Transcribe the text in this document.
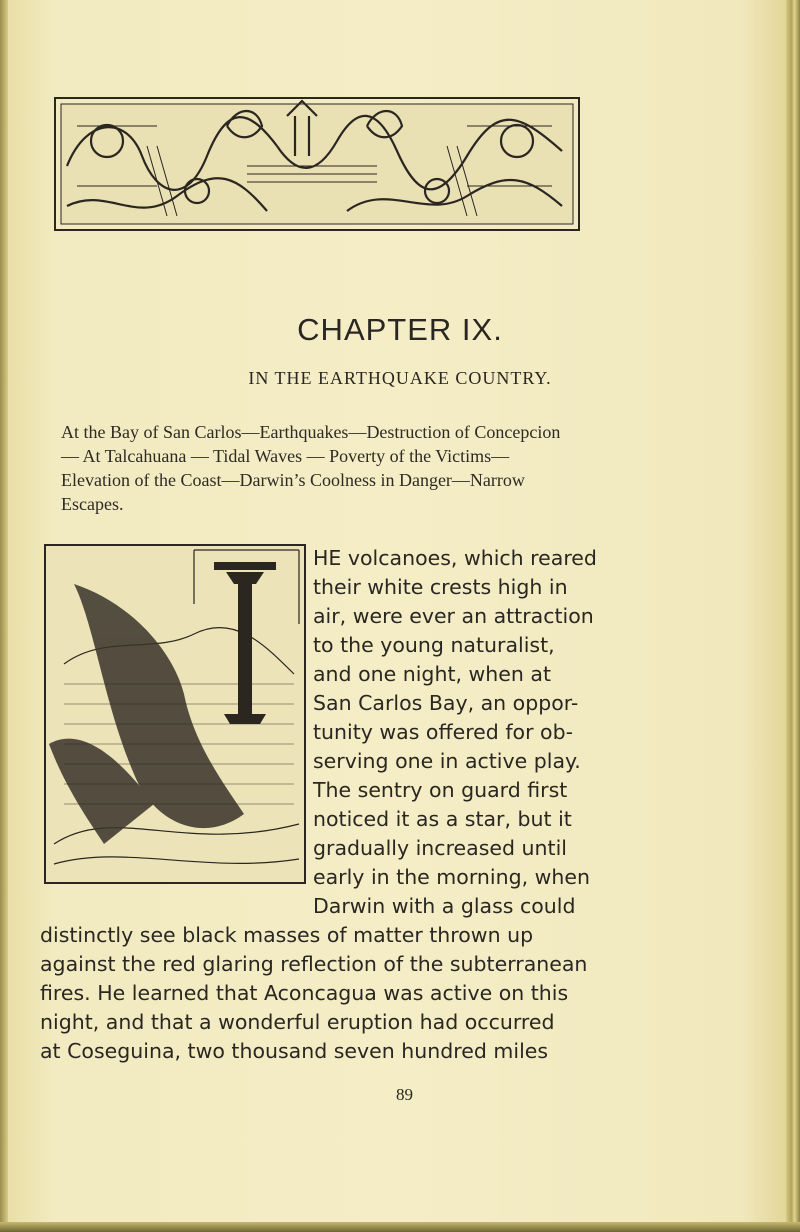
CHAPTER IX.
IN THE EARTHQUAKE COUNTRY.
At the Bay of San Carlos—Earthquakes—Destruction of Concepcion
— At Talcahuana — Tidal Waves — Poverty of the Victims—
Elevation of the Coast—Darwin’s Coolness in Danger—Narrow
Escapes.
HE volcanoes, which reared
their white crests high in
air, were ever an attraction
to the young naturalist,
and one night, when at
San Carlos Bay, an oppor-
tunity was offered for ob-
serving one in active play.
The sentry on guard first
noticed it as a star, but it
gradually increased until
early in the morning, when
Darwin with a glass could
distinctly see black masses of matter thrown up
against the red glaring reflection of the subterranean
fires. He learned that Aconcagua was active on this
night, and that a wonderful eruption had occurred
at Coseguina, two thousand seven hundred miles
89
